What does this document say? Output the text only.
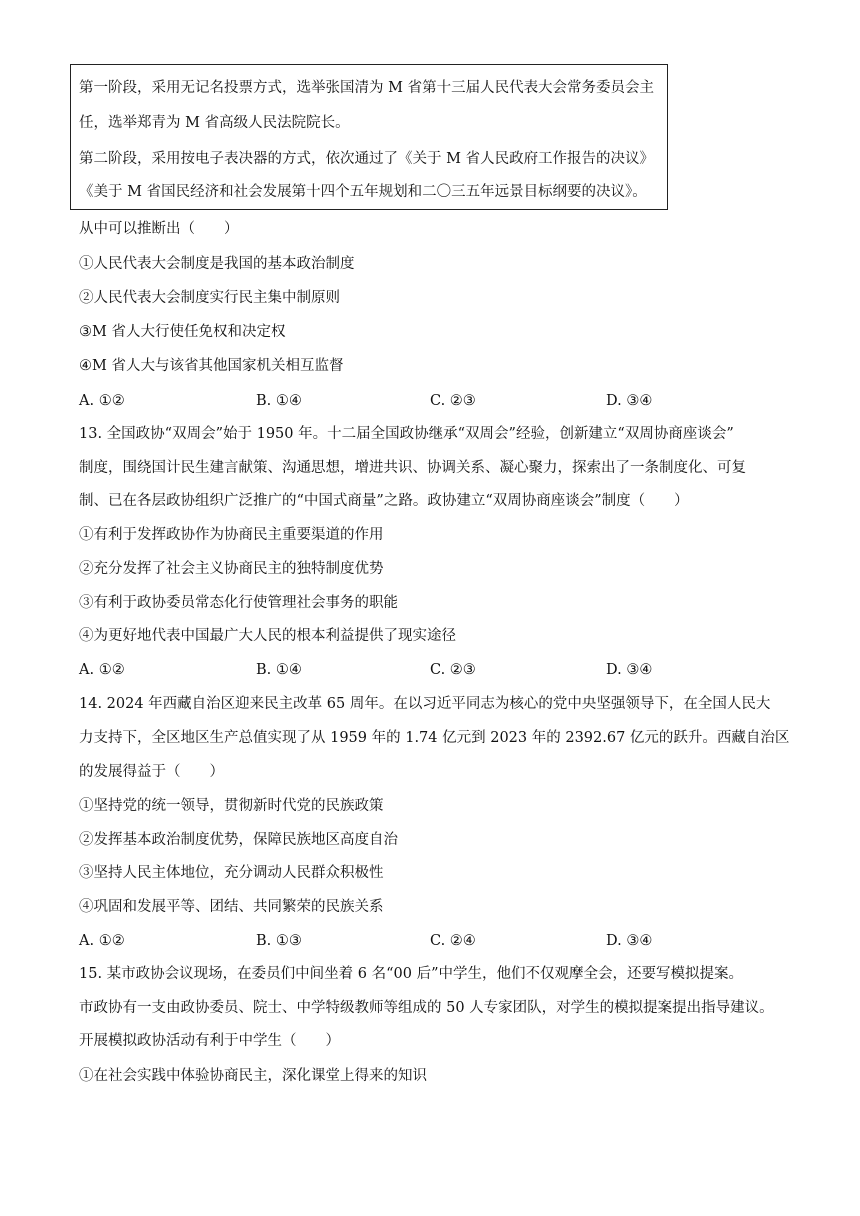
第一阶段，采用无记名投票方式，选举张国清为 M 省第十三届人民代表大会常务委员会主
任，选举郑青为 M 省高级人民法院院长。
第二阶段，采用按电子表决器的方式，依次通过了《关于 M 省人民政府工作报告的决议》
《美于 M 省国民经济和社会发展第十四个五年规划和二〇三五年远景目标纲要的决议》。
从中可以推断出（　　）
①人民代表大会制度是我国的基本政治制度
②人民代表大会制度实行民主集中制原则
③M 省人大行使任免权和决定权
④M 省人大与该省其他国家机关相互监督
A. ①②	B. ①④	C. ②③	D. ③④
13. 全国政协“双周会”始于 1950 年。十二届全国政协继承“双周会”经验，创新建立“双周协商座谈会”
制度，围绕国计民生建言献策、沟通思想，增进共识、协调关系、凝心聚力，探索出了一条制度化、可复
制、已在各层政协组织广泛推广的“中国式商量”之路。政协建立“双周协商座谈会”制度（　　）
①有利于发挥政协作为协商民主重要渠道的作用
②充分发挥了社会主义协商民主的独特制度优势
③有利于政协委员常态化行使管理社会事务的职能
④为更好地代表中国最广大人民的根本利益提供了现实途径
A. ①②	B. ①④	C. ②③	D. ③④
14. 2024 年西藏自治区迎来民主改革 65 周年。在以习近平同志为核心的党中央坚强领导下，在全国人民大
力支持下，全区地区生产总值实现了从 1959 年的 1.74 亿元到 2023 年的 2392.67 亿元的跃升。西藏自治区
的发展得益于（　　）
①坚持党的统一领导，贯彻新时代党的民族政策
②发挥基本政治制度优势，保障民族地区高度自治
③坚持人民主体地位，充分调动人民群众积极性
④巩固和发展平等、团结、共同繁荣的民族关系
A. ①②	B. ①③	C. ②④	D. ③④
15. 某市政协会议现场，在委员们中间坐着 6 名“00 后”中学生，他们不仅观摩全会，还要写模拟提案。
市政协有一支由政协委员、院士、中学特级教师等组成的 50 人专家团队，对学生的模拟提案提出指导建议。
开展模拟政协活动有利于中学生（　　）
①在社会实践中体验协商民主，深化课堂上得来的知识
